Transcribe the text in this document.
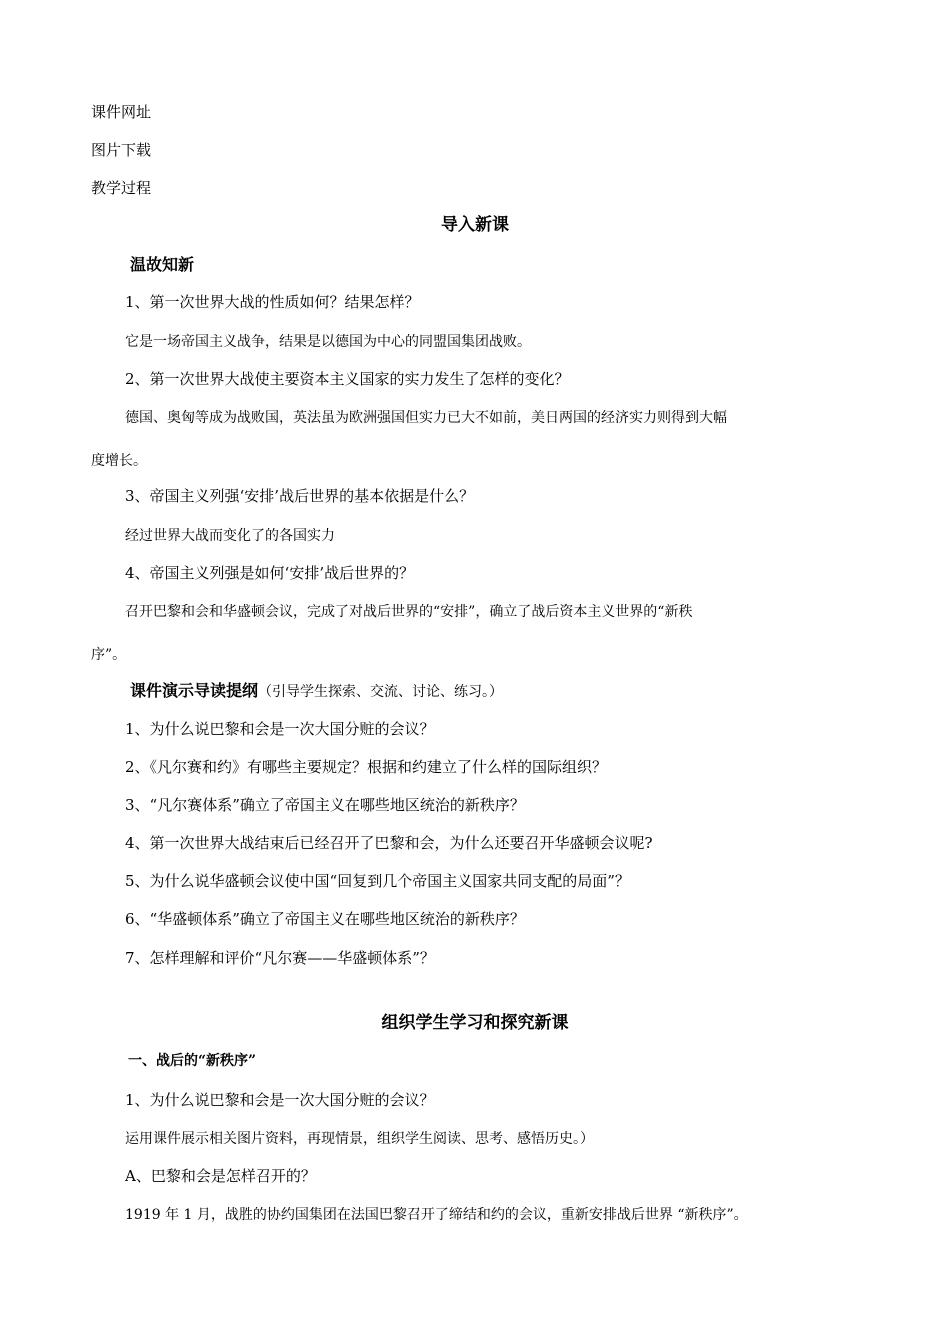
课件网址
图片下载
教学过程
导入新课
温故知新
1、第一次世界大战的性质如何？结果怎样？
它是一场帝国主义战争，结果是以德国为中心的同盟国集团战败。
2、第一次世界大战使主要资本主义国家的实力发生了怎样的变化？
德国、奥匈等成为战败国，英法虽为欧洲强国但实力已大不如前，美日两国的经济实力则得到大幅
度增长。
3、帝国主义列强‘安排’战后世界的基本依据是什么？
经过世界大战而变化了的各国实力
4、帝国主义列强是如何‘安排’战后世界的？
召开巴黎和会和华盛顿会议，完成了对战后世界的“安排”，确立了战后资本主义世界的“新秩
序”。
课件演示导读提纲（引导学生探索、交流、讨论、练习。）
1、为什么说巴黎和会是一次大国分赃的会议？
2、《凡尔赛和约》有哪些主要规定？根据和约建立了什么样的国际组织？
3、“凡尔赛体系”确立了帝国主义在哪些地区统治的新秩序？
4、第一次世界大战结束后已经召开了巴黎和会，为什么还要召开华盛顿会议呢?
5、为什么说华盛顿会议使中国“回复到几个帝国主义国家共同支配的局面”？
6、“华盛顿体系”确立了帝国主义在哪些地区统治的新秩序？
7、怎样理解和评价“凡尔赛——华盛顿体系”？
组织学生学习和探究新课
一、战后的“新秩序”
1、为什么说巴黎和会是一次大国分赃的会议？
运用课件展示相关图片资料，再现情景，组织学生阅读、思考、感悟历史。）
A、巴黎和会是怎样召开的？
1919 年 1 月，战胜的协约国集团在法国巴黎召开了缔结和约的会议，重新安排战后世界 “新秩序”。
